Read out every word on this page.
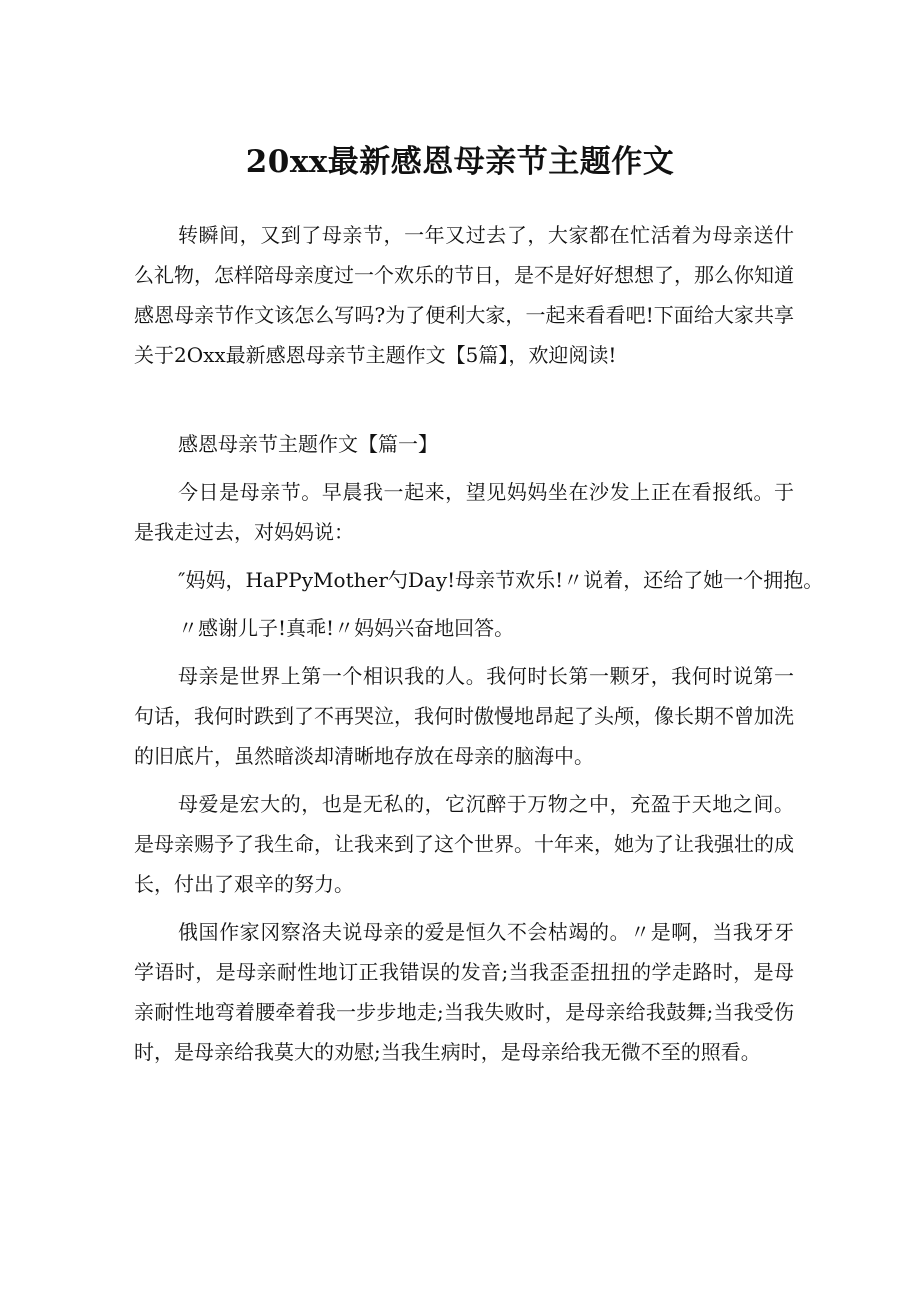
20xx最新感恩母亲节主题作文

转瞬间，又到了母亲节，一年又过去了，大家都在忙活着为母亲送什么礼物，怎样陪母亲度过一个欢乐的节日，是不是好好想想了，那么你知道感恩母亲节作文该怎么写吗?为了便利大家，一起来看看吧!下面给大家共享关于2Oxx最新感恩母亲节主题作文【5篇】，欢迎阅读!

感恩母亲节主题作文【篇一】

今日是母亲节。早晨我一起来，望见妈妈坐在沙发上正在看报纸。于是我走过去，对妈妈说：

″妈妈，HaPPyMother勺Day!母亲节欢乐!〃说着，还给了她一个拥抱。

〃感谢儿子!真乖!〃妈妈兴奋地回答。

母亲是世界上第一个相识我的人。我何时长第一颗牙，我何时说第一句话，我何时跌到了不再哭泣，我何时傲慢地昂起了头颅，像长期不曾加洗的旧底片，虽然暗淡却清晰地存放在母亲的脑海中。

母爱是宏大的，也是无私的，它沉醉于万物之中，充盈于天地之间。是母亲赐予了我生命，让我来到了这个世界。十年来，她为了让我强壮的成长，付出了艰辛的努力。

俄国作家冈察洛夫说母亲的爱是恒久不会枯竭的。〃是啊，当我牙牙学语时，是母亲耐性地订正我错误的发音;当我歪歪扭扭的学走路时，是母亲耐性地弯着腰牵着我一步步地走;当我失败时，是母亲给我鼓舞;当我受伤时，是母亲给我莫大的劝慰;当我生病时，是母亲给我无微不至的照看。
